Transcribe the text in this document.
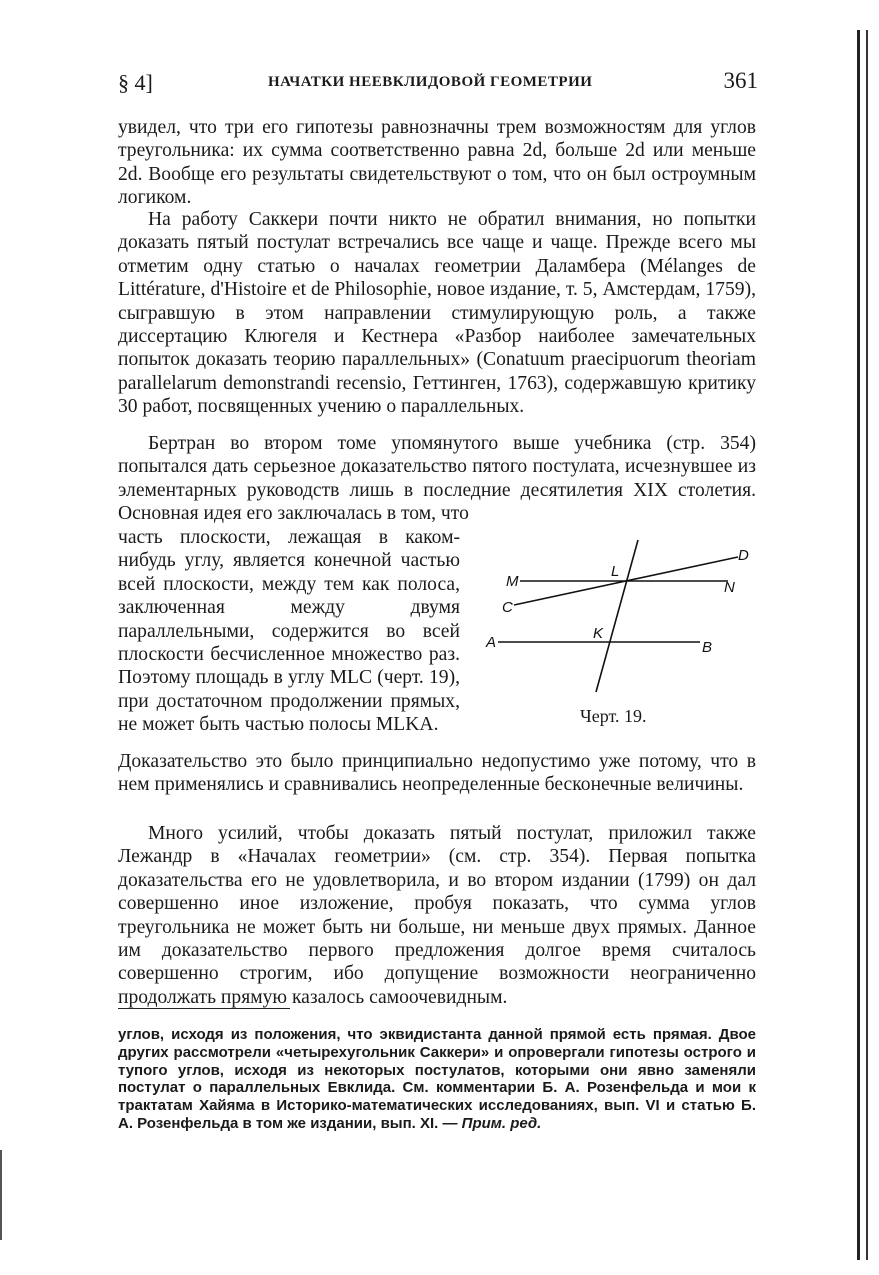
§ 4]	НАЧАТКИ НЕЕВКЛИДОВОЙ ГЕОМЕТРИИ	361

увидел, что три его гипотезы равнозначны трем возможностям для углов треугольника: их сумма соответственно равна 2d, больше 2d или меньше 2d. Вообще его результаты свидетельствуют о том, что он был остроумным логиком.

На работу Саккери почти никто не обратил внимания, но попытки доказать пятый постулат встречались все чаще и чаще. Прежде всего мы отметим одну статью о началах геометрии Даламбера (Mélanges de Littérature, d'Histoire et de Philosophie, новое издание, т. 5, Амстердам, 1759), сыгравшую в этом направлении стимулирующую роль, а также диссертацию Клюгеля и Кестнера «Разбор наиболее замечательных попыток доказать теорию параллельных» (Conatuum praecipuorum theoriam parallelarum demonstrandi recensio, Геттинген, 1763), содержавшую критику 30 работ, посвященных учению о параллельных.

Бертран во втором томе упомянутого выше учебника (стр. 354) попытался дать серьезное доказательство пятого постулата, исчезнувшее из элементарных руководств лишь в последние десятилетия XIX столетия. Основная идея его заключалась в том, что

часть плоскости, лежащая в каком-нибудь углу, является конечной частью всей плоскости, между тем как полоса, заключенная между двумя параллельными, содержится во всей плоскости бесчисленное множество раз. Поэтому площадь в углу MLC (черт. 19), при достаточном продолжении прямых, не может быть частью полосы MLKA.

D
M
L
N
C
K
A	B
Черт. 19.

Доказательство это было принципиально недопустимо уже потому, что в нем применялись и сравнивались неопределенные бесконечные величины.

Много усилий, чтобы доказать пятый постулат, приложил также Лежандр в «Началах геометрии» (см. стр. 354). Первая попытка доказательства его не удовлетворила, и во втором издании (1799) он дал совершенно иное изложение, пробуя показать, что сумма углов треугольника не может быть ни больше, ни меньше двух прямых. Данное им доказательство первого предложения долгое время считалось совершенно строгим, ибо допущение возможности неограниченно продолжать прямую казалось самоочевидным.

углов, исходя из положения, что эквидистанта данной прямой есть прямая. Двое других рассмотрели «четырехугольник Саккери» и опровергали гипотезы острого и тупого углов, исходя из некоторых постулатов, которыми они явно заменяли постулат о параллельных Евклида. См. комментарии Б. А. Розенфельда и мои к трактатам Хайяма в Историко-математических исследованиях, вып. VI и статью Б. А. Розенфельда в том же издании, вып. XI. — Прим. ред.
